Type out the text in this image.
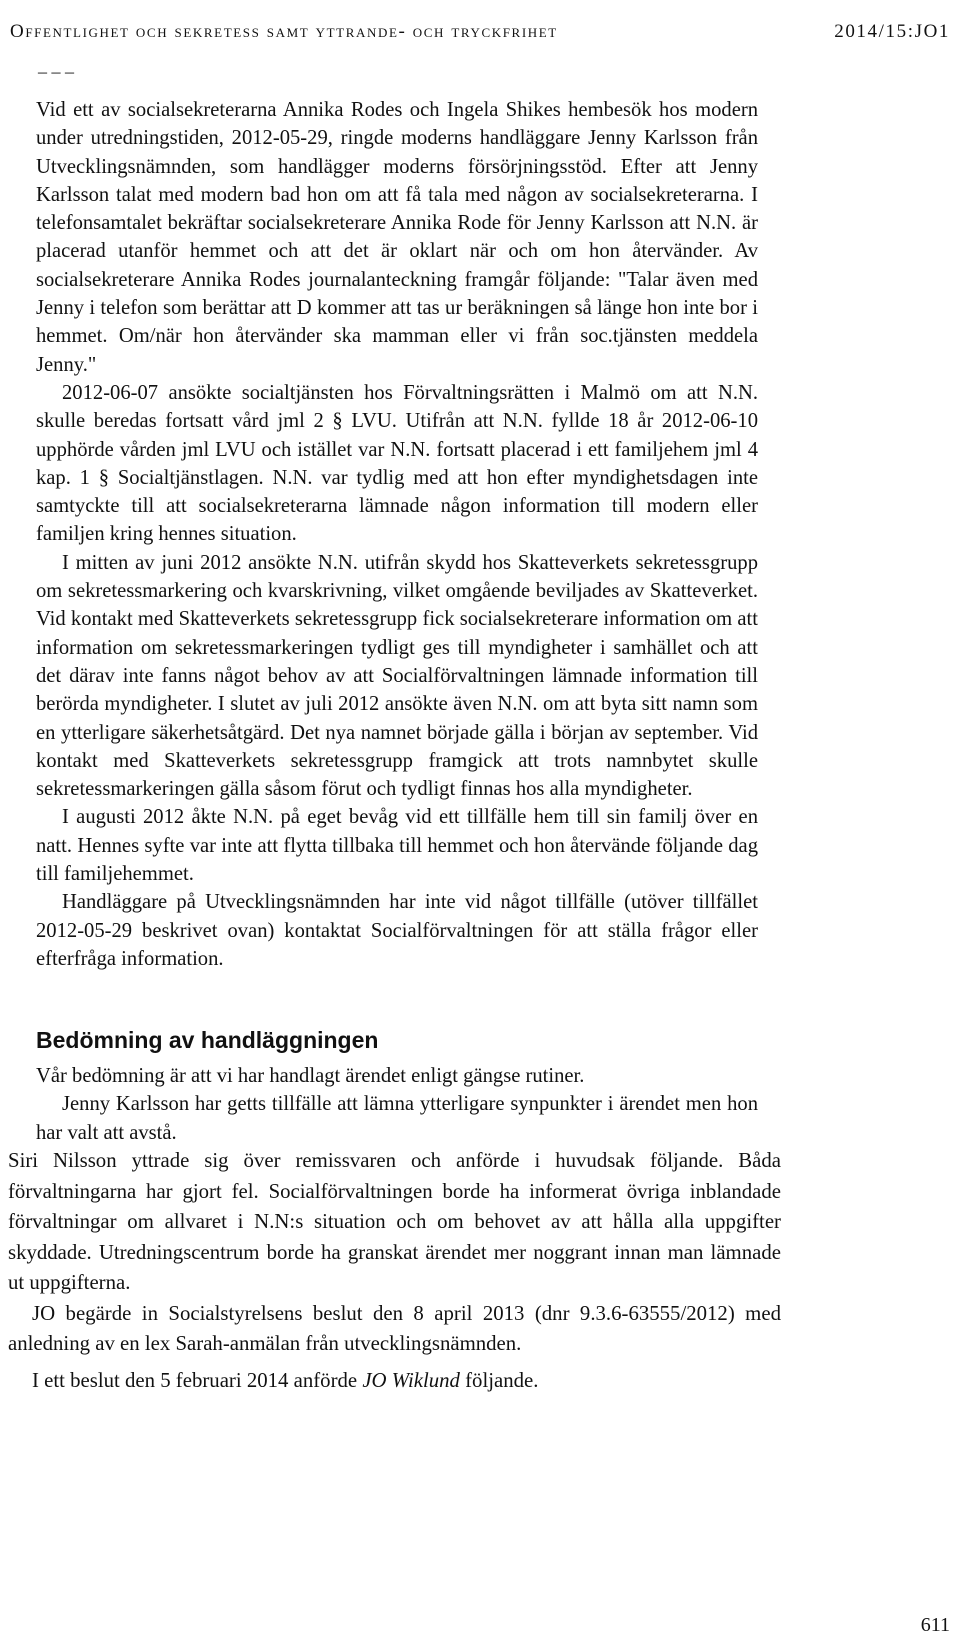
Offentlighet och sekretess samt yttrande- och tryckfrihet	2014/15:JO1
_ _ _

Vid ett av socialsekreterarna Annika Rodes och Ingela Shikes hembesök hos modern under utredningstiden, 2012-05-29, ringde moderns handläggare Jenny Karlsson från Utvecklingsnämnden, som handlägger moderns försörjningsstöd. Efter att Jenny Karlsson talat med modern bad hon om att få tala med någon av socialsekreterarna. I telefonsamtalet bekräftar socialsekreterare Annika Rode för Jenny Karlsson att N.N. är placerad utanför hemmet och att det är oklart när och om hon återvänder. Av socialsekreterare Annika Rodes journalanteckning framgår följande: "Talar även med Jenny i telefon som berättar att D kommer att tas ur beräkningen så länge hon inte bor i hemmet. Om/när hon återvänder ska mamman eller vi från soc.tjänsten meddela Jenny."

2012-06-07 ansökte socialtjänsten hos Förvaltningsrätten i Malmö om att N.N. skulle beredas fortsatt vård jml 2 § LVU. Utifrån att N.N. fyllde 18 år 2012-06-10 upphörde vården jml LVU och istället var N.N. fortsatt placerad i ett familjehem jml 4 kap. 1 § Socialtjänstlagen. N.N. var tydlig med att hon efter myndighetsdagen inte samtyckte till att socialsekreterarna lämnade någon information till modern eller familjen kring hennes situation.

I mitten av juni 2012 ansökte N.N. utifrån skydd hos Skatteverkets sekretessgrupp om sekretessmarkering och kvarskrivning, vilket omgående beviljades av Skatteverket. Vid kontakt med Skatteverkets sekretessgrupp fick socialsekreterare information om att information om sekretessmarkeringen tydligt ges till myndigheter i samhället och att det därav inte fanns något behov av att Socialförvaltningen lämnade information till berörda myndigheter. I slutet av juli 2012 ansökte även N.N. om att byta sitt namn som en ytterligare säkerhetsåtgärd. Det nya namnet började gälla i början av september. Vid kontakt med Skatteverkets sekretessgrupp framgick att trots namnbytet skulle sekretessmarkeringen gälla såsom förut och tydligt finnas hos alla myndigheter.

I augusti 2012 åkte N.N. på eget bevåg vid ett tillfälle hem till sin familj över en natt. Hennes syfte var inte att flytta tillbaka till hemmet och hon återvände följande dag till familjehemmet.

Handläggare på Utvecklingsnämnden har inte vid något tillfälle (utöver tillfället 2012-05-29 beskrivet ovan) kontaktat Socialförvaltningen för att ställa frågor eller efterfråga information.

Bedömning av handläggningen

Vår bedömning är att vi har handlagt ärendet enligt gängse rutiner.

Jenny Karlsson har getts tillfälle att lämna ytterligare synpunkter i ärendet men hon har valt att avstå.

Siri Nilsson yttrade sig över remissvaren och anförde i huvudsak följande. Båda förvaltningarna har gjort fel. Socialförvaltningen borde ha informerat övriga inblandade förvaltningar om allvaret i N.N:s situation och om behovet av att hålla alla uppgifter skyddade. Utredningscentrum borde ha granskat ärendet mer noggrant innan man lämnade ut uppgifterna.

JO begärde in Socialstyrelsens beslut den 8 april 2013 (dnr 9.3.6-63555/2012) med anledning av en lex Sarah-anmälan från utvecklingsnämnden.

I ett beslut den 5 februari 2014 anförde JO Wiklund följande.

611
